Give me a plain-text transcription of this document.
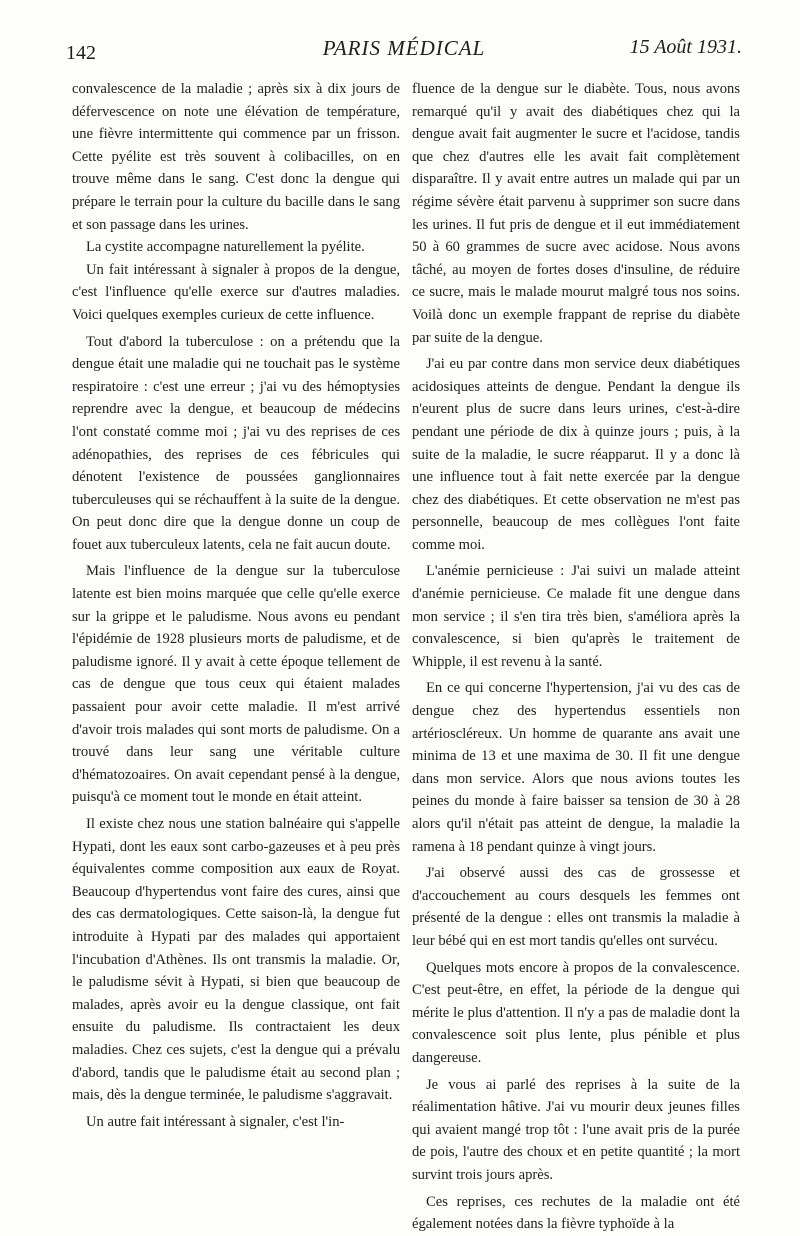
142	PARIS MÉDICAL	15 Août 1931.

convalescence de la maladie ; après six à dix jours de défervescence on note une élévation de température, une fièvre intermittente qui commence par un frisson. Cette pyélite est très souvent à colibacilles, on en trouve même dans le sang. C'est donc la dengue qui prépare le terrain pour la culture du bacille dans le sang et son passage dans les urines.

La cystite accompagne naturellement la pyélite.

Un fait intéressant à signaler à propos de la dengue, c'est l'influence qu'elle exerce sur d'autres maladies. Voici quelques exemples curieux de cette influence.

Tout d'abord la tuberculose : on a prétendu que la dengue était une maladie qui ne touchait pas le système respiratoire : c'est une erreur ; j'ai vu des hémoptysies reprendre avec la dengue, et beaucoup de médecins l'ont constaté comme moi ; j'ai vu des reprises de ces adénopathies, des reprises de ces fébricules qui dénotent l'existence de poussées ganglionnaires tuberculeuses qui se réchauffent à la suite de la dengue. On peut donc dire que la dengue donne un coup de fouet aux tuberculeux latents, cela ne fait aucun doute.

Mais l'influence de la dengue sur la tuberculose latente est bien moins marquée que celle qu'elle exerce sur la grippe et le paludisme. Nous avons eu pendant l'épidémie de 1928 plusieurs morts de paludisme, et de paludisme ignoré. Il y avait à cette époque tellement de cas de dengue que tous ceux qui étaient malades passaient pour avoir cette maladie. Il m'est arrivé d'avoir trois malades qui sont morts de paludisme. On a trouvé dans leur sang une véritable culture d'hématozoaires. On avait cependant pensé à la dengue, puisqu'à ce moment tout le monde en était atteint.

Il existe chez nous une station balnéaire qui s'appelle Hypati, dont les eaux sont carbo-gazeuses et à peu près équivalentes comme composition aux eaux de Royat. Beaucoup d'hypertendus vont faire des cures, ainsi que des cas dermatologiques. Cette saison-là, la dengue fut introduite à Hypati par des malades qui apportaient l'incubation d'Athènes. Ils ont transmis la maladie. Or, le paludisme sévit à Hypati, si bien que beaucoup de malades, après avoir eu la dengue classique, ont fait ensuite du paludisme. Ils contractaient les deux maladies. Chez ces sujets, c'est la dengue qui a prévalu d'abord, tandis que le paludisme était au second plan ; mais, dès la dengue terminée, le paludisme s'aggravait.

Un autre fait intéressant à signaler, c'est l'in-

fluence de la dengue sur le diabète. Tous, nous avons remarqué qu'il y avait des diabétiques chez qui la dengue avait fait augmenter le sucre et l'acidose, tandis que chez d'autres elle les avait fait complètement disparaître. Il y avait entre autres un malade qui par un régime sévère était parvenu à supprimer son sucre dans les urines. Il fut pris de dengue et il eut immédiatement 50 à 60 grammes de sucre avec acidose. Nous avons tâché, au moyen de fortes doses d'insuline, de réduire ce sucre, mais le malade mourut malgré tous nos soins. Voilà donc un exemple frappant de reprise du diabète par suite de la dengue.

J'ai eu par contre dans mon service deux diabétiques acidosiques atteints de dengue. Pendant la dengue ils n'eurent plus de sucre dans leurs urines, c'est-à-dire pendant une période de dix à quinze jours ; puis, à la suite de la maladie, le sucre réapparut. Il y a donc là une influence tout à fait nette exercée par la dengue chez des diabétiques. Et cette observation ne m'est pas personnelle, beaucoup de mes collègues l'ont faite comme moi.

L'anémie pernicieuse : J'ai suivi un malade atteint d'anémie pernicieuse. Ce malade fit une dengue dans mon service ; il s'en tira très bien, s'améliora après la convalescence, si bien qu'après le traitement de Whipple, il est revenu à la santé.

En ce qui concerne l'hypertension, j'ai vu des cas de dengue chez des hypertendus essentiels non artérioscléreux. Un homme de quarante ans avait une minima de 13 et une maxima de 30. Il fit une dengue dans mon service. Alors que nous avions toutes les peines du monde à faire baisser sa tension de 30 à 28 alors qu'il n'était pas atteint de dengue, la maladie la ramena à 18 pendant quinze à vingt jours.

J'ai observé aussi des cas de grossesse et d'accouchement au cours desquels les femmes ont présenté de la dengue : elles ont transmis la maladie à leur bébé qui en est mort tandis qu'elles ont survécu.

Quelques mots encore à propos de la convalescence. C'est peut-être, en effet, la période de la dengue qui mérite le plus d'attention. Il n'y a pas de maladie dont la convalescence soit plus lente, plus pénible et plus dangereuse.

Je vous ai parlé des reprises à la suite de la réalimentation hâtive. J'ai vu mourir deux jeunes filles qui avaient mangé trop tôt : l'une avait pris de la purée de pois, l'autre des choux et en petite quantité ; la mort survint trois jours après.

Ces reprises, ces rechutes de la maladie ont été également notées dans la fièvre typhoïde à la
